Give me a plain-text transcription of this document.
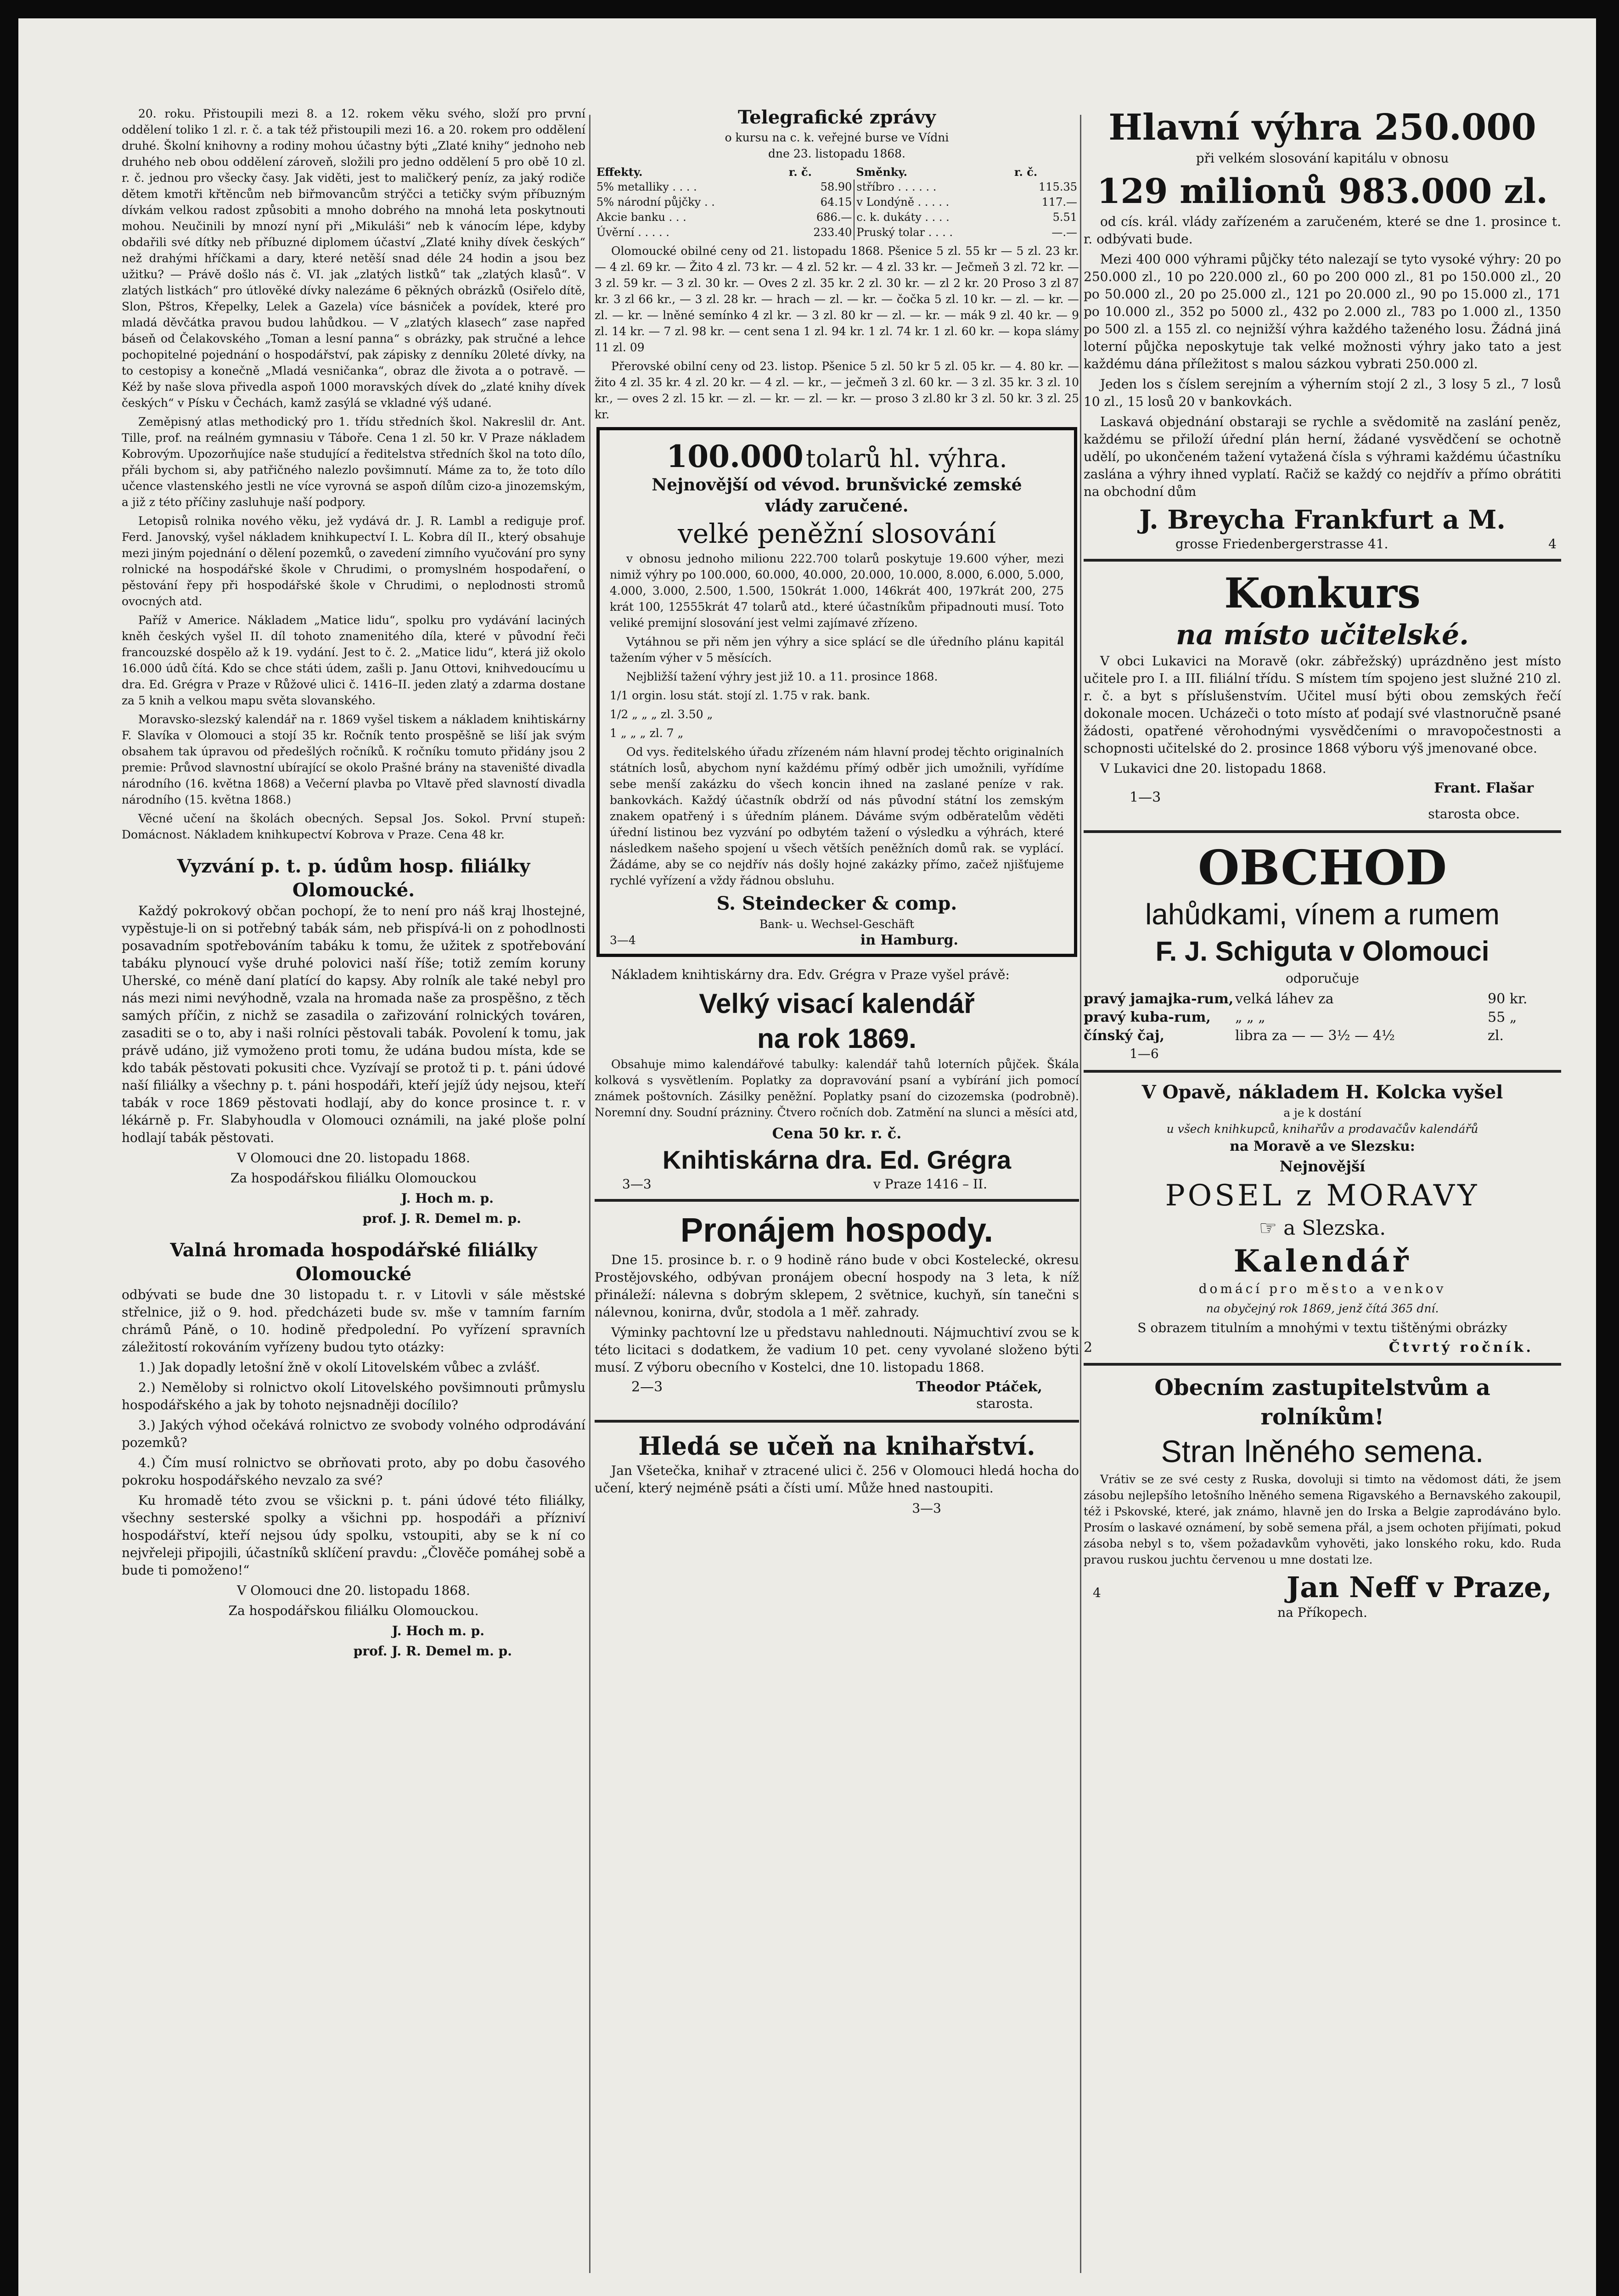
20. roku. Přistoupili mezi 8. a 12. rokem věku svého, složí pro první oddělení toliko 1 zl. r. č. a tak též přistoupili mezi 16. a 20. rokem pro oddělení druhé. Školní knihovny a rodiny mohou účastny býti „Zlaté knihy“ jednoho neb druhého neb obou oddělení zároveň, složili pro jedno oddělení 5 pro obě 10 zl. r. č. jednou pro všecky časy. Jak viděti, jest to maličkerý peníz, za jaký rodiče dětem kmotři křtěncům neb biřmovancům strýčci a tetičky svým příbuzným dívkám velkou radost způsobiti a mnoho dobrého na mnohá leta poskytnouti mohou. Neučinili by mnozí nyní při „Mikuláši“ neb k vánocím lépe, kdyby obdařili své dítky neb příbuzné diplomem účaství „Zlaté knihy dívek českých“ než drahými hříčkami a dary, které netěší snad déle 24 hodin a jsou bez užitku? — Právě došlo nás č. VI. jak „zlatých listků“ tak „zlatých klasů“. V zlatých listkách“ pro útlověké dívky nalezáme 6 pěkných obrázků (Osiřelo dítě, Slon, Pštros, Křepelky, Lelek a Gazela) více básniček a povídek, které pro mladá děvčátka pravou budou lahůdkou. — V „zlatých klasech“ zase napřed báseň od Čelakovského „Toman a lesní panna“ s obrázky, pak stručné a lehce pochopitelné pojednání o hospodářství, pak zápisky z denníku 20leté dívky, na to cestopisy a konečně „Mladá vesničanka“, obraz dle života a o potravě. — Kéž by naše slova přivedla aspoň 1000 moravských dívek do „zlaté knihy dívek českých“ v Písku v Čechách, kamž zasýlá se vkladné výš udané.

Zeměpisný atlas methodický pro 1. třídu středních škol. Nakreslil dr. Ant. Tille, prof. na reálném gymnasiu v Táboře. Cena 1 zl. 50 kr. V Praze nákladem Kobrovým. Upozorňujíce naše studující a ředitelstva středních škol na toto dílo, přáli bychom si, aby patřičného nalezlo povšimnutí. Máme za to, že toto dílo učence vlastenského jestli ne více vyrovná se aspoň dílům cizo-a jinozemským, a již z této příčiny zasluhuje naší podpory.

Letopisů rolnika nového věku, jež vydává dr. J. R. Lambl a rediguje prof. Ferd. Janovský, vyšel nákladem knihkupectví I. L. Kobra díl II., který obsahuje mezi jiným pojednání o dělení pozemků, o zavedení zimního vyučování pro syny rolnické na hospodářské škole v Chrudimi, o promyslném hospodaření, o pěstování řepy při hospodářské škole v Chrudimi, o neplodnosti stromů ovocných atd.

Paříž v Americe. Nákladem „Matice lidu“, spolku pro vydávání laciných kněh českých vyšel II. díl tohoto znamenitého díla, které v původní řeči francouzské dospělo až k 19. vydání. Jest to č. 2. „Matice lidu“, která již okolo 16.000 údů čítá. Kdo se chce státi údem, zašli p. Janu Ottovi, knihvedoucímu u dra. Ed. Grégra v Praze v Růžové ulici č. 1416–II. jeden zlatý a zdarma dostane za 5 knih a velkou mapu světa slovanského.

Moravsko-slezský kalendář na r. 1869 vyšel tiskem a nákladem knihtiskárny F. Slavíka v Olomouci a stojí 35 kr. Ročník tento prospěšně se liší jak svým obsahem tak úpravou od předešlých ročníků. K ročníku tomuto přidány jsou 2 premie: Průvod slavnostní ubírající se okolo Prašné brány na staveništé divadla národního (16. května 1868) a Večerní plavba po Vltavě před slavností divadla národního (15. května 1868.)

Věcné učení na školách obecných. Sepsal Jos. Sokol. První stupeň: Domácnost. Nákladem knihkupectví Kobrova v Praze. Cena 48 kr.

Vyzvání p. t. p. údům hosp. filiálky
Olomoucké.

Každý pokrokový občan pochopí, že to není pro náš kraj lhostejné, vypěstuje-li on si potřebný tabák sám, neb přispívá-li on z pohodlnosti posavadním spotřebováním tabáku k tomu, že užitek z spotřebování tabáku plynoucí vyše druhé polovici naší říše; totiž zemím koruny Uherské, co méně daní platící do kapsy. Aby rolník ale také nebyl pro nás mezi nimi nevýhodně, vzala na hromada naše za prospěšno, z těch samých příčin, z nichž se zasadila o zařizování rolnických továren, zasaditi se o to, aby i naši rolníci pěstovali tabák. Povolení k tomu, jak právě udáno, již vymoženo proti tomu, že udána budou místa, kde se kdo tabák pěstovati pokusiti chce. Vyzívají se protož ti p. t. páni údové naší filiálky a všechny p. t. páni hospodáři, kteří jejíž údy nejsou, kteří tabák v roce 1869 pěstovati hodlají, aby do konce prosince t. r. v lékárně p. Fr. Slabyhoudla v Olomouci oznámili, na jaké ploše polní hodlají tabák pěstovati.

V Olomouci dne 20. listopadu 1868.

Za hospodářskou filiálku Olomouckou

J. Hoch m. p.

prof. J. R. Demel m. p.

Valná hromada hospodářské filiálky
Olomoucké

odbývati se bude dne 30 listopadu t. r. v Litovli v sále městské střelnice, již o 9. hod. předcházeti bude sv. mše v tamním farním chrámů Páně, o 10. hodině předpolední. Po vyřízení spravních záležitostí rokováním vyřízeny budou tyto otázky:

1.) Jak dopadly letošní žně v okolí Litovelském vůbec a zvlášť.

2.) Neměloby si rolnictvo okolí Litovelského povšimnouti průmyslu hospodářského a jak by tohoto nejsnadněji docílilo?

3.) Jakých výhod očekává rolnictvo ze svobody volného odprodávání pozemků?

4.) Čím musí rolnictvo se obrňovati proto, aby po dobu časového pokroku hospodářského nevzalo za své?

Ku hromadě této zvou se všickni p. t. páni údové této filiálky, všechny sesterské spolky a všichni pp. hospodáři a přízniví hospodářství, kteří nejsou údy spolku, vstoupiti, aby se k ní co nejvřeleji připojili, účastníků sklíčení pravdu: „Člověče pomáhej sobě a bude ti pomoženo!“

V Olomouci dne 20. listopadu 1868.

Za hospodářskou filiálku Olomouckou.

J. Hoch m. p.

prof. J. R. Demel m. p.

Telegrafické zprávy

o kursu na c. k. veřejné burse ve Vídni

dne 23. listopadu 1868.

Effekty.	r. č.	Směnky.	r. č.
5% metalliky . . . .	58.90	stříbro . . . . . .	115.35
5% národní půjčky . .	64.15	v Londýně . . . . .	117.—
Akcie banku . . .	686.—	c. k. dukáty . . . .	5.51
Úvěrní . . . . .	233.40	Pruský tolar . . . .	—.—

Olomoucké obilné ceny od 21. listopadu 1868. Pšenice 5 zl. 55 kr — 5 zl. 23 kr. — 4 zl. 69 kr. — Žito 4 zl. 73 kr. — 4 zl. 52 kr. — 4 zl. 33 kr. — Ječmeň 3 zl. 72 kr. — 3 zl. 59 kr. — 3 zl. 30 kr. — Oves 2 zl. 35 kr. 2 zl. 30 kr. — zl 2 kr. 20 Proso 3 zl 87 kr. 3 zl 66 kr., — 3 zl. 28 kr. — hrach — zl. — kr. — čočka 5 zl. 10 kr. — zl. — kr. — zl. — kr. — lněné semínko 4 zl kr. — 3 zl. 80 kr — zl. — kr. — mák 9 zl. 40 kr. — 9 zl. 14 kr. — 7 zl. 98 kr. — cent sena 1 zl. 94 kr. 1 zl. 74 kr. 1 zl. 60 kr. — kopa slámy 11 zl. 09

Přerovské obilní ceny od 23. listop. Pšenice 5 zl. 50 kr 5 zl. 05 kr. — 4. 80 kr. — žito 4 zl. 35 kr. 4 zl. 20 kr. — 4 zl. — kr., — ječmeň 3 zl. 60 kr. — 3 zl. 35 kr. 3 zl. 10 kr., — oves 2 zl. 15 kr. — zl. — kr. — zl. — kr. — proso 3 zl.80 kr 3 zl. 50 kr. 3 zl. 25 kr.

100.000 tolarů hl. výhra.
Nejnovější od vévod. brunšvické zemské
vlády zaručené.
velké peněžní slosování

v obnosu jednoho milionu 222.700 tolarů poskytuje 19.600 výher, mezi nimiž výhry po 100.000, 60.000, 40.000, 20.000, 10.000, 8.000, 6.000, 5.000, 4.000, 3.000, 2.500, 1.500, 150krát 1.000, 146krát 400, 197krát 200, 275 krát 100, 12555krát 47 tolarů atd., které účastníkům připadnouti musí. Toto veliké premijní slosování jest velmi zajímavé zřízeno.

Vytáhnou se při něm jen výhry a sice splácí se dle úředního plánu kapitál tažením výher v 5 měsících.

Nejbližší tažení výhry jest již 10. a 11. prosince 1868.

1/1 orgin. losu stát. stojí zl. 1.75 v rak. bank.

1/2 „ „ „ zl. 3.50 „

1 „ „ „ zl. 7 „

Od vys. ředitelského úřadu zřízeném nám hlavní prodej těchto originalních státních losů, abychom nyní každému přímý odběr jich umožnili, vyřídíme sebe menší zakázku do všech koncin ihned na zaslané peníze v rak. bankovkách. Každý účastník obdrží od nás původní státní los zemským znakem opatřený i s úředním plánem. Dáváme svým odběratelům věděti úřední listinou bez vyzvání po odbytém tažení o výsledku a výhrách, které následkem našeho spojení u všech větších peněžních domů rak. se vyplácí. Žádáme, aby se co nejdřív nás došly hojné zakázky přímo, začež njišťujeme rychlé vyřízení a vždy řádnou obsluhu.

S. Steindecker & comp.

Bank- u. Wechsel-Geschäft

3—4	in Hamburg.

Nákladem knihtiskárny dra. Edv. Grégra v Praze vyšel právě:

Velký visací kalendář
na rok 1869.

Obsahuje mimo kalendářové tabulky: kalendář tahů loterních půjček. Škála kolková s vysvětlením. Poplatky za dopravování psaní a vybírání jich pomocí známek poštovních. Zásilky peněžní. Poplatky psaní do cizozemska (podrobně). Noremní dny. Soudní prázniny. Čtvero ročních dob. Zatmění na slunci a měsíci atd,

Cena 50 kr. r. č.
Knihtiskárna dra. Ed. Grégra
3—3	v Praze 1416 – II.
Pronájem hospody.

Dne 15. prosince b. r. o 9 hodině ráno bude v obci Kostelecké, okresu Prostějovského, odbývan pronájem obecní hospody na 3 leta, k níž přináleží: nálevna s dobrým sklepem, 2 světnice, kuchyň, sín tanečni s nálevnou, konirna, dvůr, stodola a 1 měř. zahrady.

Výminky pachtovní lze u představu nahlednouti. Nájmuchtiví zvou se k této licitaci s dodatkem, že vadium 10 pet. ceny vyvolané složeno býti musí. Z výboru obecního v Kostelci, dne 10. listopadu 1868.

2—3	Theodor Ptáček,

starosta.

Hledá se učeň na knihařství.

Jan Všetečka, knihař v ztracené ulici č. 256 v Olomouci hledá hocha do učení, který nejméně psáti a čísti umí. Může hned nastoupiti.

3—3

Hlavní výhra 250.000

při velkém slosování kapitálu v obnosu

129 milionů 983.000 zl.

od cís. král. vlády zařízeném a zaručeném, které se dne 1. prosince t. r. odbývati bude.

Mezi 400 000 výhrami půjčky této nalezají se tyto vysoké výhry: 20 po 250.000 zl., 10 po 220.000 zl., 60 po 200 000 zl., 81 po 150.000 zl., 20 po 50.000 zl., 20 po 25.000 zl., 121 po 20.000 zl., 90 po 15.000 zl., 171 po 10.000 zl., 352 po 5000 zl., 432 po 2.000 zl., 783 po 1.000 zl., 1350 po 500 zl. a 155 zl. co nejnižší výhra každého taženého losu. Žádná jiná loterní půjčka neposkytuje tak velké možnosti výhry jako tato a jest každému dána příležitost s malou sázkou vybrati 250.000 zl.

Jeden los s číslem serejním a výherním stojí 2 zl., 3 losy 5 zl., 7 losů 10 zl., 15 losů 20 v bankovkách.

Laskavá objednání obstaraji se rychle a svědomitě na zaslání peněz, každému se přiloží úřední plán herní, žádané vysvědčení se ochotně udělí, po ukončeném tažení vytažená čísla s výhrami každému účastníku zaslána a výhry ihned vyplatí. Račiž se každý co nejdřív a přímo obrátiti na obchodní dům

J. Breycha Frankfurt a M.
grosse Friedenbergerstrasse 41.	4
Konkurs
na místo učitelské.

V obci Lukavici na Moravě (okr. zábřežský) uprázdněno jest místo učitele pro I. a III. filiální třídu. S místem tím spojeno jest služné 210 zl. r. č. a byt s příslušenstvím. Učitel musí býti obou zemských řečí dokonale mocen. Ucházeči o toto místo ať podají své vlastnoručně psané žádosti, opatřené věrohodnými vysvědčeními o mravopočestnosti a schopnosti učitelské do 2. prosince 1868 výboru výš jmenované obce.

V Lukavici dne 20. listopadu 1868.

1—3
Frant. Flašar

starosta obce.

OBCHOD
lahůdkami, vínem a rumem
F. J. Schiguta v Olomouci

odporučuje

pravý jamajka-rum, velká láhev za	90 kr.
pravý kuba-rum,	„ „ „	55 „
čínský čaj,	libra za — — 3½ — 4½	zl.

1—6

V Opavě, nákladem H. Kolcka vyšel

a je k dostání

u všech knihkupců, knihařův a prodavačův kalendářů

na Moravě a ve Slezsku:
Nejnovější
POSEL z MORAVY
☞ a Slezska.
Kalendář

domácí pro město a venkov

na obyčejný rok 1869, jenž čítá 365 dní.

S obrazem titulním a mnohými v textu tištěnými obrázky

2	Čtvrtý ročník.
Obecním zastupitelstvům a
rolníkům!
Stran lněného semena.

Vrátiv se ze své cesty z Ruska, dovoluji si timto na vědomost dáti, že jsem zásobu nejlepšího letošního lněného semena Rigavského a Bernavského zakoupil, též i Pskovské, které, jak známo, hlavně jen do Irska a Belgie zaprodáváno bylo. Prosím o laskavé oznámení, by sobě semena přál, a jsem ochoten přijímati, pokud zásoba nebyl s to, všem požadavkům vyhověti, jako lonského roku, kdo. Ruda pravou ruskou juchtu červenou u mne dostati lze.

4	Jan Neff v Praze,

na Příkopech.
